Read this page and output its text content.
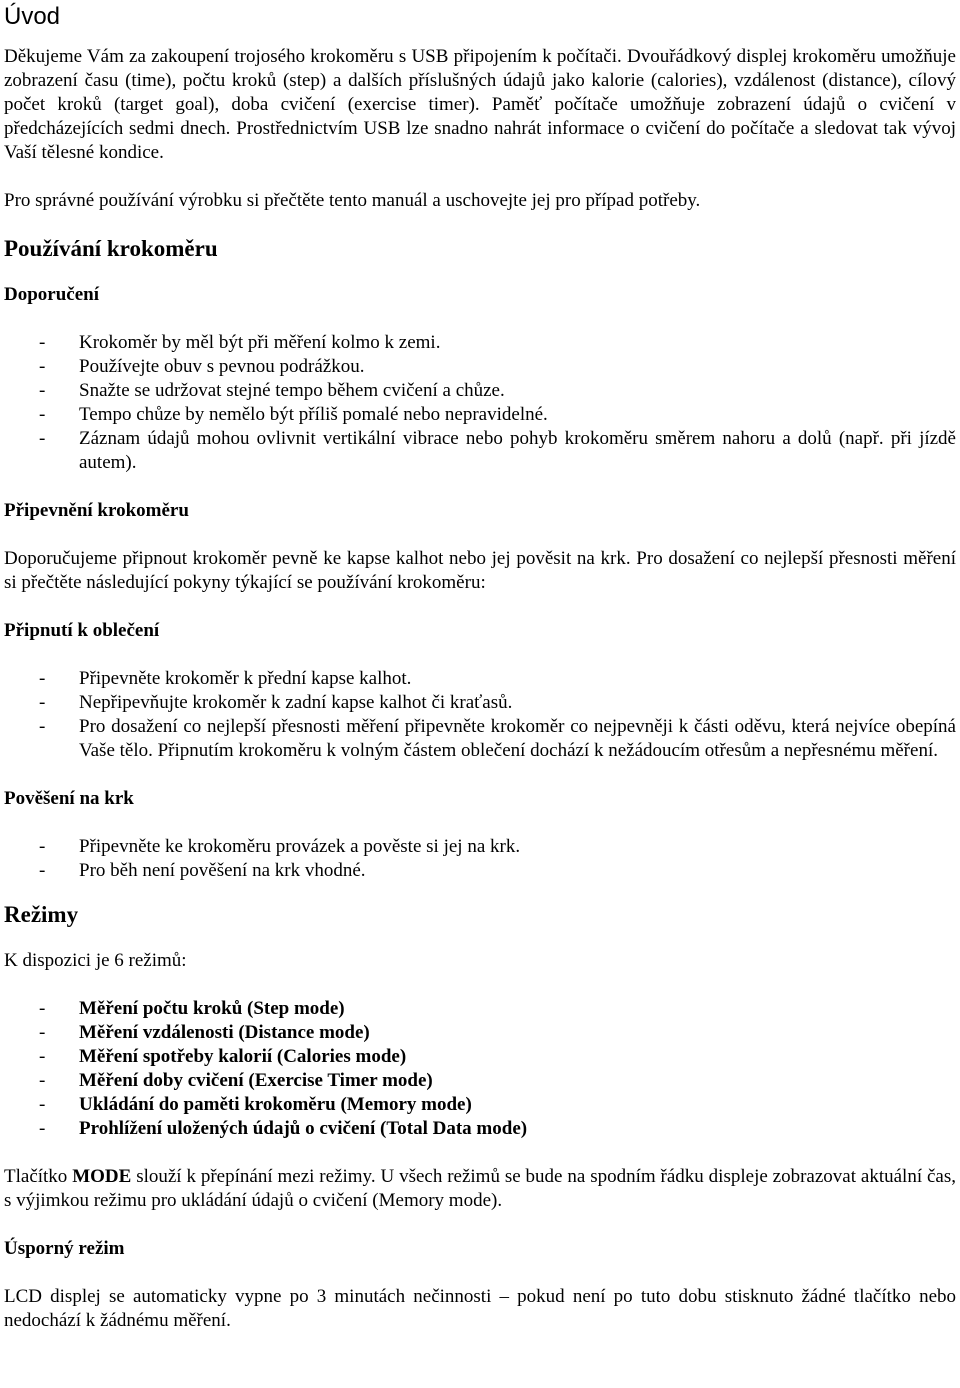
Úvod

Děkujeme Vám za zakoupení trojosého krokoměru s USB připojením k počítači. Dvouřádkový displej krokoměru umožňuje zobrazení času (time), počtu kroků (step) a dalších příslušných údajů jako kalorie (calories), vzdálenost (distance), cílový počet kroků (target goal), doba cvičení (exercise timer). Paměť počítače umožňuje zobrazení údajů o cvičení v předcházejících sedmi dnech. Prostřednictvím USB lze snadno nahrát informace o cvičení do počítače a sledovat tak vývoj Vaší tělesné kondice.

Pro správné používání výrobku si přečtěte tento manuál a uschovejte jej pro případ potřeby.

Používání krokoměru
Doporučení
- Krokoměr by měl být při měření kolmo k zemi.
- Používejte obuv s pevnou podrážkou.
- Snažte se udržovat stejné tempo během cvičení a chůze.
- Tempo chůze by nemělo být příliš pomalé nebo nepravidelné.
- Záznam údajů mohou ovlivnit vertikální vibrace nebo pohyb krokoměru směrem nahoru a dolů (např. při jízdě autem).
Připevnění krokoměru

Doporučujeme připnout krokoměr pevně ke kapse kalhot nebo jej pověsit na krk. Pro dosažení co nejlepší přesnosti měření si přečtěte následující pokyny týkající se používání krokoměru:

Připnutí k oblečení
- Připevněte krokoměr k přední kapse kalhot.
- Nepřipevňujte krokoměr k zadní kapse kalhot či kraťasů.
- Pro dosažení co nejlepší přesnosti měření připevněte krokoměr co nejpevněji k části oděvu, která nejvíce obepíná Vaše tělo. Připnutím krokoměru k volným částem oblečení dochází k nežádoucím otřesům a nepřesnému měření.
Pověšení na krk
- Připevněte ke krokoměru provázek a pověste si jej na krk.
- Pro běh není pověšení na krk vhodné.
Režimy

K dispozici je 6 režimů:

- Měření počtu kroků (Step mode)
- Měření vzdálenosti (Distance mode)
- Měření spotřeby kalorií (Calories mode)
- Měření doby cvičení (Exercise Timer mode)
- Ukládání do paměti krokoměru (Memory mode)
- Prohlížení uložených údajů o cvičení (Total Data mode)

Tlačítko MODE slouží k přepínání mezi režimy. U všech režimů se bude na spodním řádku displeje zobrazovat aktuální čas, s výjimkou režimu pro ukládání údajů o cvičení (Memory mode).

Úsporný režim

LCD displej se automaticky vypne po 3 minutách nečinnosti – pokud není po tuto dobu stisknuto žádné tlačítko nebo nedochází k žádnému měření.
